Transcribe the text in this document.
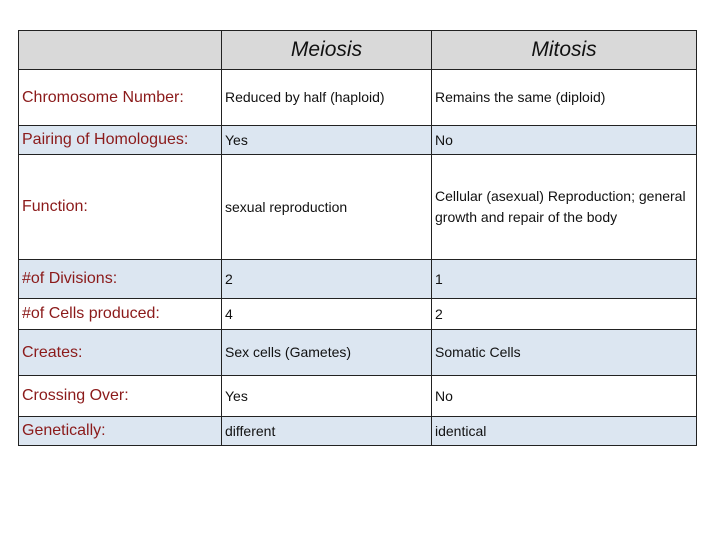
	Meiosis	Mitosis
Chromosome Number:	Reduced by half (haploid)	Remains the same (diploid)
Pairing of Homologues:	Yes	No
Function:	sexual reproduction	Cellular (asexual) Reproduction; general growth and repair of the body
#of Divisions:	2	1
#of Cells produced:	4	2
Creates:	Sex cells (Gametes)	Somatic Cells
Crossing Over:	Yes	No
Genetically:	different	identical
